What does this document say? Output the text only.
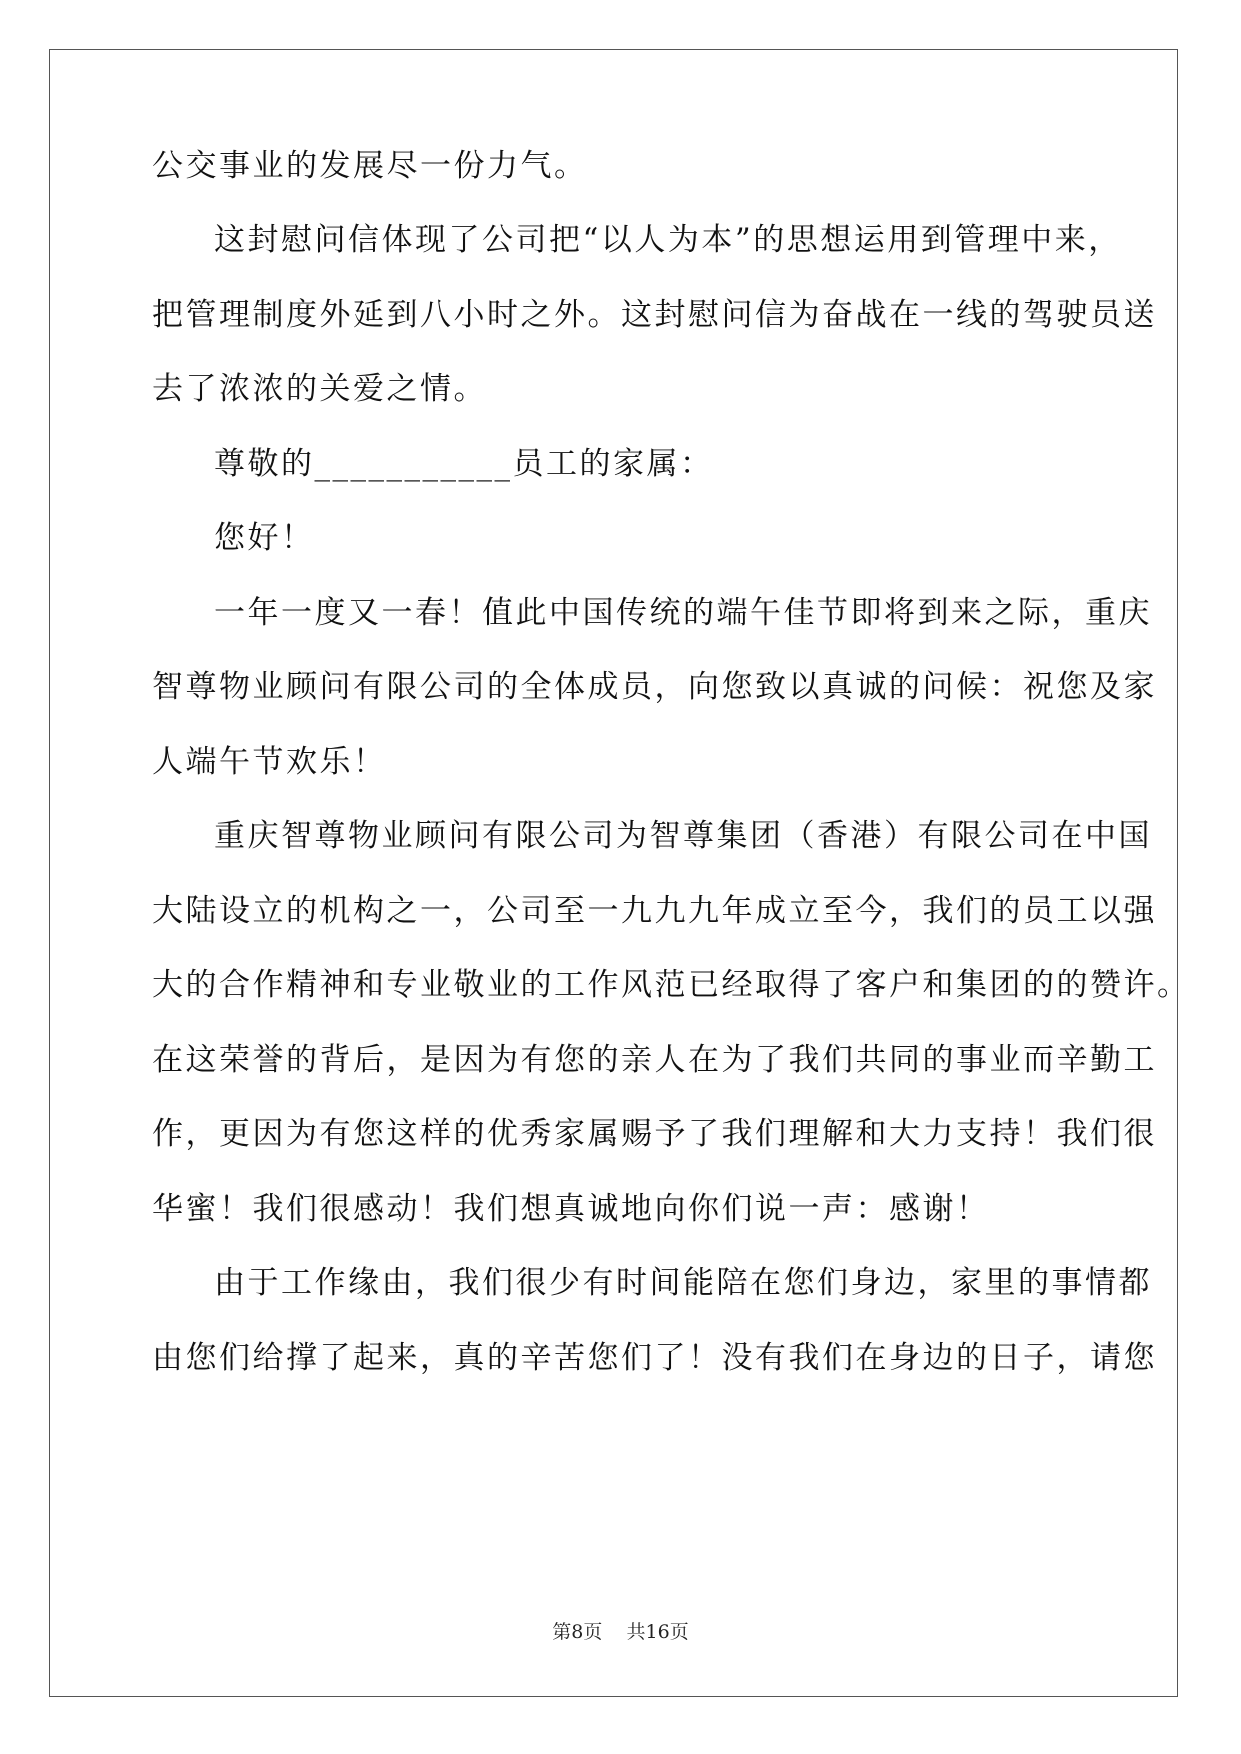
公交事业的发展尽一份力气。
这封慰问信体现了公司把“以人为本”的思想运用到管理中来，
把管理制度外延到八小时之外。这封慰问信为奋战在一线的驾驶员送
去了浓浓的关爱之情。
尊敬的___________员工的家属：
您好！
一年一度又一春！值此中国传统的端午佳节即将到来之际，重庆
智尊物业顾问有限公司的全体成员，向您致以真诚的问候：祝您及家
人端午节欢乐！
重庆智尊物业顾问有限公司为智尊集团（香港）有限公司在中国
大陆设立的机构之一，公司至一九九九年成立至今，我们的员工以强
大的合作精神和专业敬业的工作风范已经取得了客户和集团的的赞许。
在这荣誉的背后，是因为有您的亲人在为了我们共同的事业而辛勤工
作，更因为有您这样的优秀家属赐予了我们理解和大力支持！我们很
华蜜！我们很感动！我们想真诚地向你们说一声：感谢！
由于工作缘由，我们很少有时间能陪在您们身边，家里的事情都
由您们给撑了起来，真的辛苦您们了！没有我们在身边的日子，请您
第8页 共16页
